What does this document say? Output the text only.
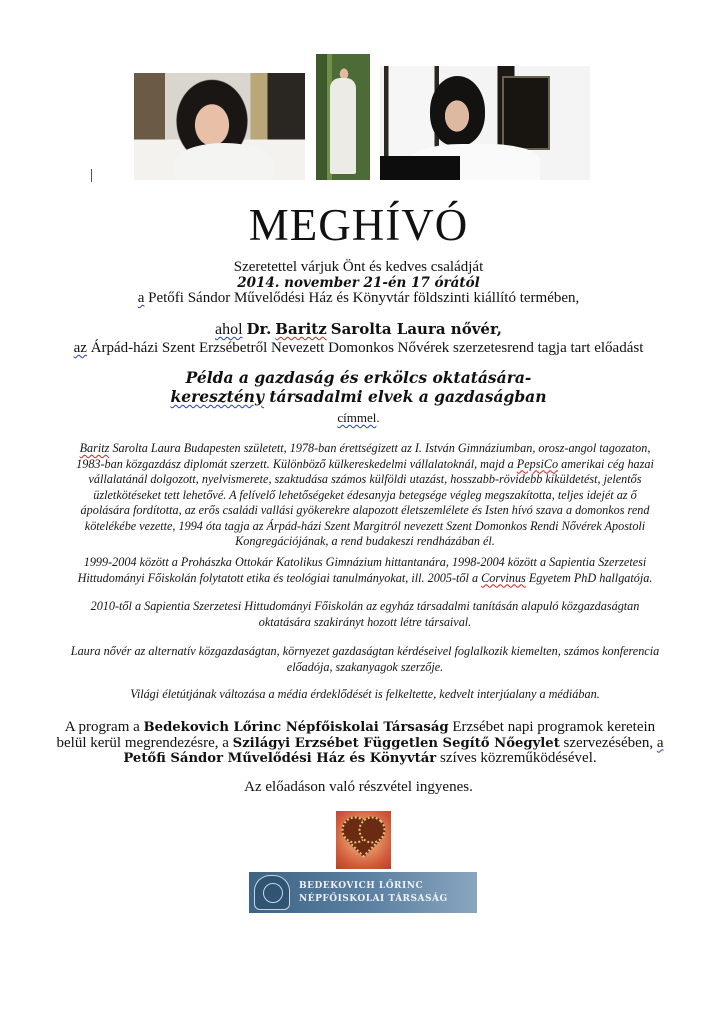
MEGHÍVÓ
Szeretettel várjuk Önt és kedves családját
2014. november 21-én 17 órától
a Petőfi Sándor Művelődési Ház és Könyvtár földszinti kiállító termében,
ahol Dr. Baritz Sarolta Laura nővér,
az Árpád-házi Szent Erzsébetről Nevezett Domonkos Nővérek szerzetesrend tagja tart előadást
Példa a gazdaság és erkölcs oktatására-
keresztény társadalmi elvek a gazdaságban
címmel.
Baritz Sarolta Laura Budapesten született, 1978-ban érettségizett az I. István Gimnáziumban, orosz-angol tagozaton, 1983-ban közgazdász diplomát szerzett. Különböző külkereskedelmi vállalatoknál, majd a PepsiCo amerikai cég hazai vállalatánál dolgozott, nyelvismerete, szaktudása számos külföldi utazást, hosszabb-rövidebb kiküldetést, jelentős üzletkötéseket tett lehetővé. A felívelő lehetőségeket édesanyja betegsége végleg megszakította, teljes idejét az ő ápolására fordította, az erős családi vallási gyökerekre alapozott életszemlélete és Isten hívó szava a domonkos rend kötelékébe vezette, 1994 óta tagja az Árpád-házi Szent Margitról nevezett Szent Domonkos Rendi Nővérek Apostoli Kongregációjának, a rend budakeszi rendházában él.
1999-2004 között a Prohászka Ottokár Katolikus Gimnázium hittantanára, 1998-2004 között a Sapientia Szerzetesi Hittudományi Főiskolán folytatott etika és teológiai tanulmányokat, ill. 2005-től a Corvinus Egyetem PhD hallgatója.
2010-től a Sapientia Szerzetesi Hittudományi Főiskolán az egyház társadalmi tanításán alapuló közgazdaságtan oktatására szakirányt hozott létre társaival.
Laura nővér az alternatív közgazdaságtan, környezet gazdaságtan kérdéseivel foglalkozik kiemelten, számos konferencia előadója, szakanyagok szerzője.
Világi életútjának változása a média érdeklődését is felkeltette, kedvelt interjúalany a médiában.
A program a Bedekovich Lőrinc Népfőiskolai Társaság Erzsébet napi programok keretein belül kerül megrendezésre, a Szilágyi Erzsébet Független Segítő Nőegylet szervezésében, a
Petőfi Sándor Művelődési Ház és Könyvtár szíves közreműködésével.
Az előadáson való részvétel ingyenes.
BEDEKOVICH LŐRINC
NÉPFŐISKOLAI TÁRSASÁG
